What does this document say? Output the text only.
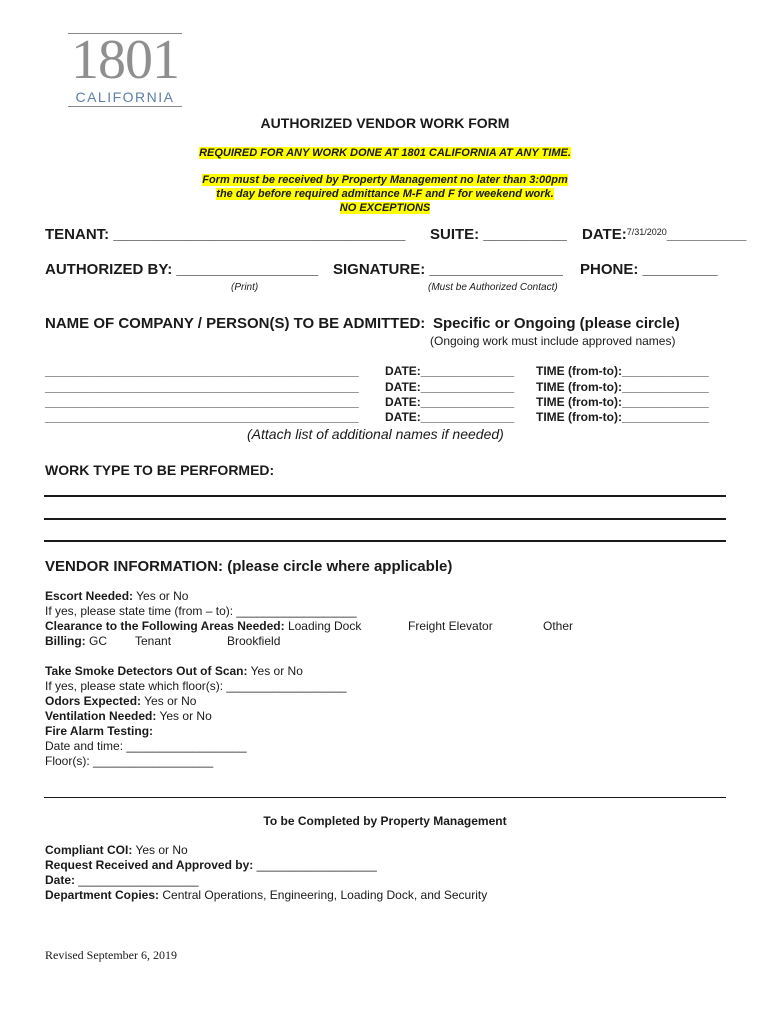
1801
CALIFORNIA
AUTHORIZED VENDOR WORK FORM
REQUIRED FOR ANY WORK DONE AT 1801 CALIFORNIA AT ANY TIME.
Form must be received by Property Management no later than 3:00pm
the day before required admittance M-F and F for weekend work.
NO EXCEPTIONS
TENANT: ___________________________________ SUITE: __________ DATE:$^{7/31/2020}$___________
AUTHORIZED BY: _________________ SIGNATURE: ________________ PHONE: _________
(Print)	(Must be Authorized Contact)
NAME OF COMPANY / PERSON(S) TO BE ADMITTED: Specific or Ongoing (please circle)
(Ongoing work must include approved names)
_______________________________________________ DATE:______________ TIME (from-to):_____________
_______________________________________________ DATE:______________ TIME (from-to):_____________
_______________________________________________ DATE:______________ TIME (from-to):_____________
_______________________________________________ DATE:______________ TIME (from-to):_____________
(Attach list of additional names if needed)
WORK TYPE TO BE PERFORMED:
VENDOR INFORMATION: (please circle where applicable)
Escort Needed: Yes or No
If yes, please state time (from – to): __________________
Clearance to the Following Areas Needed: Loading Dock	Freight Elevator	Other
Billing: GC Tenant	Brookfield
Take Smoke Detectors Out of Scan: Yes or No
If yes, please state which floor(s): __________________
Odors Expected: Yes or No
Ventilation Needed: Yes or No
Fire Alarm Testing:
Date and time: __________________
Floor(s): __________________
To be Completed by Property Management
Compliant COI: Yes or No
Request Received and Approved by: __________________
Date: __________________
Department Copies: Central Operations, Engineering, Loading Dock, and Security
Revised September 6, 2019
